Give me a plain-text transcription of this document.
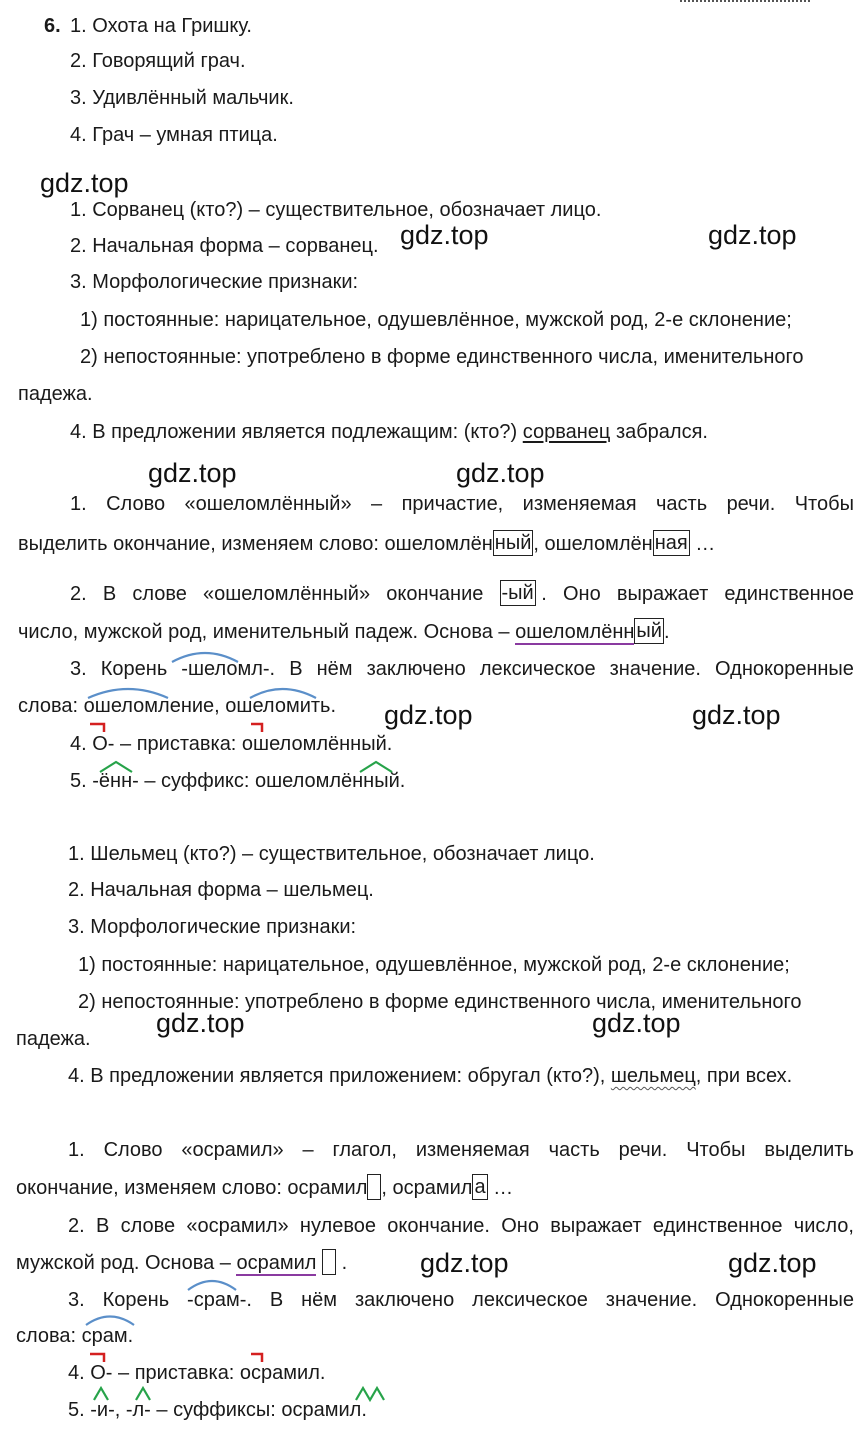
6. 1. Охота на Гришку.
2. Говорящий грач.
3. Удивлённый мальчик.
4. Грач – умная птица.
gdz.top
gdz.top	gdz.top
gdz.top	gdz.top
gdz.top	gdz.top
gdz.top	gdz.top
gdz.top	gdz.top
1. Сорванец (кто?) – существительное, обозначает лицо.
2. Начальная форма – сорванец.
3. Морфологические признаки:
1) постоянные: нарицательное, одушевлённое, мужской род, 2-е склонение;
2) непостоянные: употреблено в форме единственного числа, именительного
падежа.
4. В предложении является подлежащим: (кто?) сорванец забрался.
1. Слово «ошеломлённый» – причастие, изменяемая часть речи. Чтобы
выделить окончание, изменяем слово: ошеломлён ный , ошеломлён ная …
2. В слове «ошеломлённый» окончание -ый . Оно выражает единственное
число, мужской род, именительный падеж. Основа – ошеломлённ ый .
3. Корень -шеломл-. В нём заключено лексическое значение. Однокоренные
слова: ошеломление, ошеломить.
4. О- – приставка: ошеломлённый.
5. -ённ- – суффикс: ошеломлённый.
1. Шельмец (кто?) – существительное, обозначает лицо.
2. Начальная форма – шельмец.
3. Морфологические признаки:
1) постоянные: нарицательное, одушевлённое, мужской род, 2-е склонение;
2) непостоянные: употреблено в форме единственного числа, именительного
падежа.
4. В предложении является приложением: обругал (кто?), шельмец, при всех.
1. Слово «осрамил» – глагол, изменяемая часть речи. Чтобы выделить
окончание, изменяем слово: осрамил , осрамил а …
2. В слове «осрамил» нулевое окончание. Оно выражает единственное число,
мужской род. Основа – осрамил .
3. Корень -срам-. В нём заключено лексическое значение. Однокоренные
слова: срам.
4. О- – приставка: осрамил.
5. -и-, -л- – суффиксы: осрамил.
